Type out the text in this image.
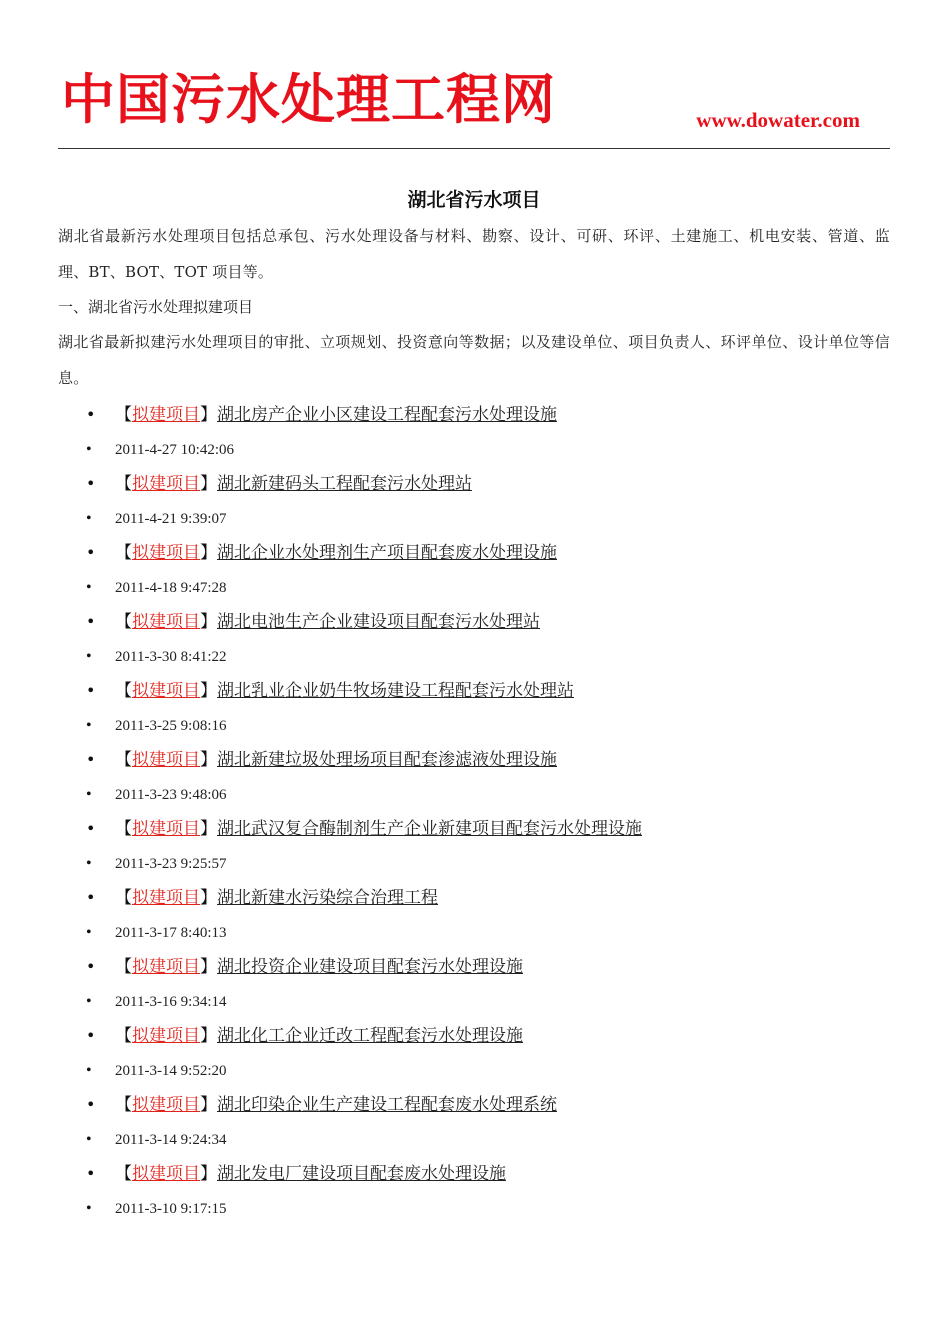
中国污水处理工程网	www.dowater.com
湖北省污水项目

湖北省最新污水处理项目包括总承包、污水处理设备与材料、勘察、设计、可研、环评、土建施工、机电安装、管道、监理、BT、BOT、TOT 项目等。

一、湖北省污水处理拟建项目

湖北省最新拟建污水处理项目的审批、立项规划、投资意向等数据；以及建设单位、项目负责人、环评单位、设计单位等信息。

• 【拟建项目】湖北房产企业小区建设工程配套污水处理设施
• 2011-4-27 10:42:06
• 【拟建项目】湖北新建码头工程配套污水处理站
• 2011-4-21 9:39:07
• 【拟建项目】湖北企业水处理剂生产项目配套废水处理设施
• 2011-4-18 9:47:28
• 【拟建项目】湖北电池生产企业建设项目配套污水处理站
• 2011-3-30 8:41:22
• 【拟建项目】湖北乳业企业奶牛牧场建设工程配套污水处理站
• 2011-3-25 9:08:16
• 【拟建项目】湖北新建垃圾处理场项目配套渗滤液处理设施
• 2011-3-23 9:48:06
• 【拟建项目】湖北武汉复合酶制剂生产企业新建项目配套污水处理设施
• 2011-3-23 9:25:57
• 【拟建项目】湖北新建水污染综合治理工程
• 2011-3-17 8:40:13
• 【拟建项目】湖北投资企业建设项目配套污水处理设施
• 2011-3-16 9:34:14
• 【拟建项目】湖北化工企业迁改工程配套污水处理设施
• 2011-3-14 9:52:20
• 【拟建项目】湖北印染企业生产建设工程配套废水处理系统
• 2011-3-14 9:24:34
• 【拟建项目】湖北发电厂建设项目配套废水处理设施
• 2011-3-10 9:17:15
